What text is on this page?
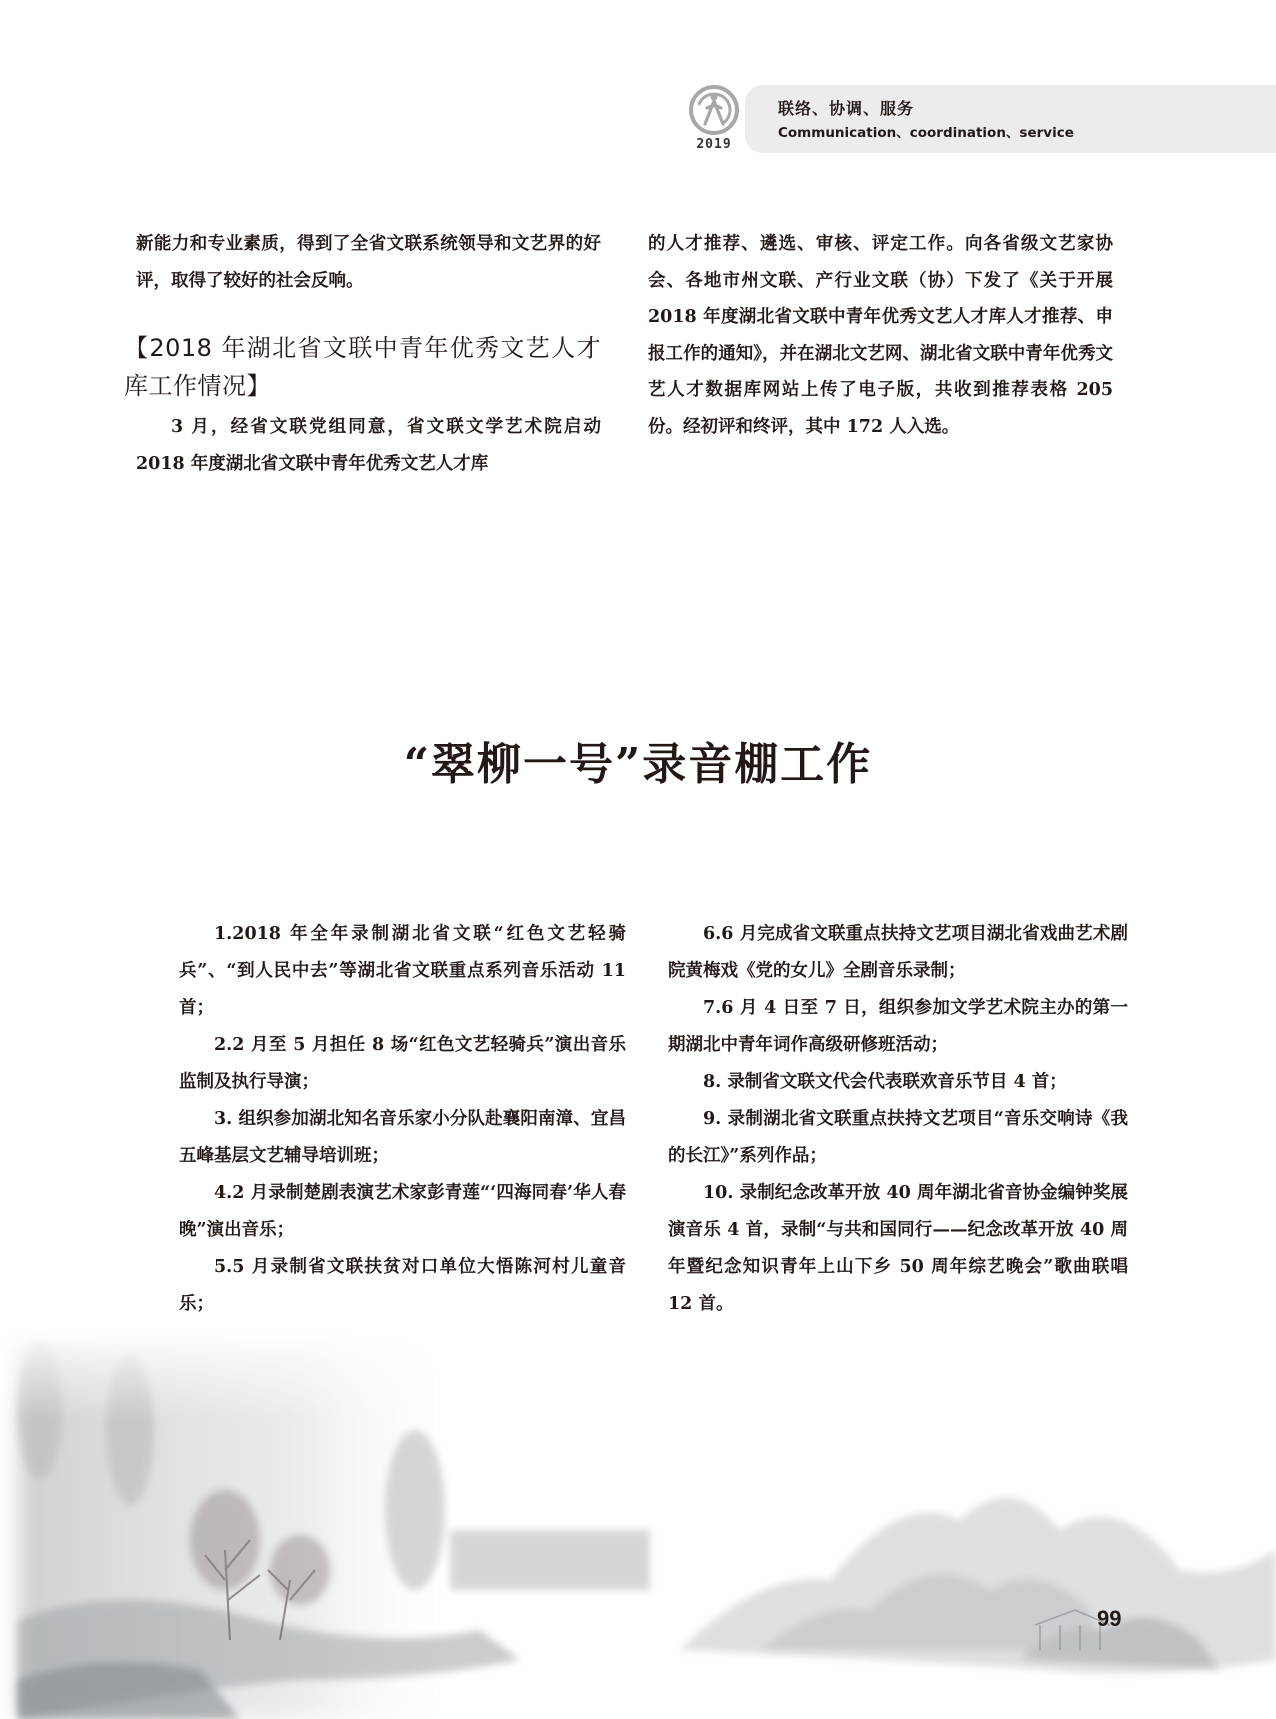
2019
联络、协调、服务
Communication、coordination、service

新能力和专业素质，得到了全省文联系统领导和文艺界的好评，取得了较好的社会反响。

【2018 年湖北省文联中青年优秀文艺人才库工作情况】

3 月，经省文联党组同意，省文联文学艺术院启动 2018 年度湖北省文联中青年优秀文艺人才库

的人才推荐、遴选、审核、评定工作。向各省级文艺家协会、各地市州文联、产行业文联（协）下发了《关于开展 2018 年度湖北省文联中青年优秀文艺人才库人才推荐、申报工作的通知》，并在湖北文艺网、湖北省文联中青年优秀文艺人才数据库网站上传了电子版，共收到推荐表格 205 份。经初评和终评，其中 172 人入选。

“翠柳一号”录音棚工作

1.2018 年全年录制湖北省文联“红色文艺轻骑兵”、“到人民中去”等湖北省文联重点系列音乐活动 11 首；

2.2 月至 5 月担任 8 场“红色文艺轻骑兵”演出音乐监制及执行导演；

3. 组织参加湖北知名音乐家小分队赴襄阳南漳、宜昌五峰基层文艺辅导培训班；

4.2 月录制楚剧表演艺术家彭青莲“‘四海同春’华人春晚”演出音乐；

5.5 月录制省文联扶贫对口单位大悟陈河村儿童音乐；

6.6 月完成省文联重点扶持文艺项目湖北省戏曲艺术剧院黄梅戏《党的女儿》全剧音乐录制；

7.6 月 4 日至 7 日，组织参加文学艺术院主办的第一期湖北中青年词作高级研修班活动；

8. 录制省文联文代会代表联欢音乐节目 4 首；

9. 录制湖北省文联重点扶持文艺项目“音乐交响诗《我的长江》”系列作品；

10. 录制纪念改革开放 40 周年湖北省音协金编钟奖展演音乐 4 首，录制“与共和国同行——纪念改革开放 40 周年暨纪念知识青年上山下乡 50 周年综艺晚会”歌曲联唱 12 首。

99
